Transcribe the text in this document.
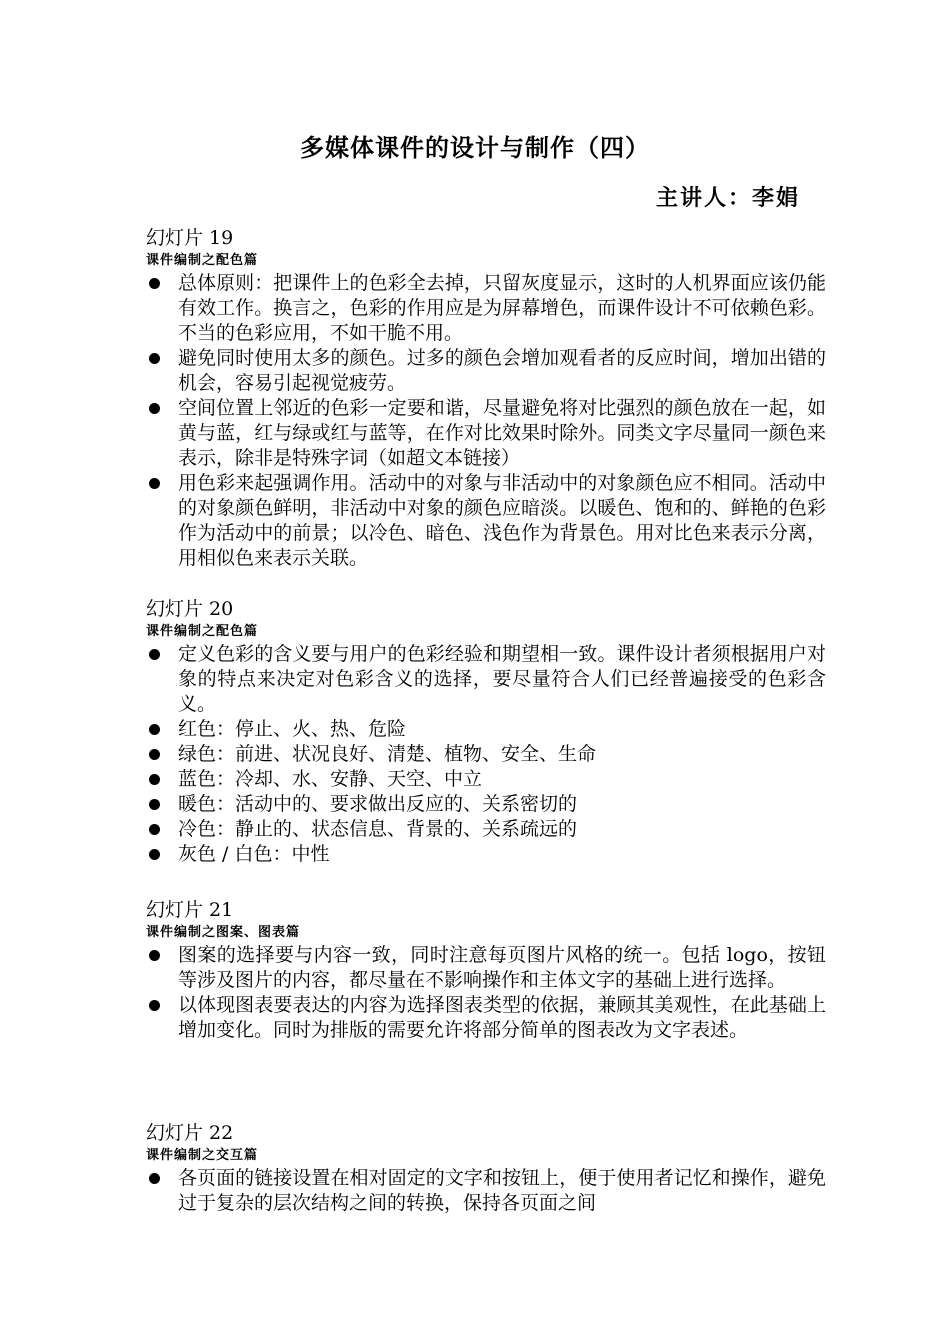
多媒体课件的设计与制作（四）
主讲人：李娟
幻灯片 19
课件编制之配色篇
总体原则：把课件上的色彩全去掉，只留灰度显示，这时的人机界面应该仍能有效工作。换言之，色彩的作用应是为屏幕增色，而课件设计不可依赖色彩。不当的色彩应用，不如干脆不用。
避免同时使用太多的颜色。过多的颜色会增加观看者的反应时间，增加出错的机会，容易引起视觉疲劳。
空间位置上邻近的色彩一定要和谐，尽量避免将对比强烈的颜色放在一起，如黄与蓝，红与绿或红与蓝等，在作对比效果时除外。同类文字尽量同一颜色来表示，除非是特殊字词（如超文本链接）
用色彩来起强调作用。活动中的对象与非活动中的对象颜色应不相同。活动中的对象颜色鲜明，非活动中对象的颜色应暗淡。以暖色、饱和的、鲜艳的色彩作为活动中的前景；以冷色、暗色、浅色作为背景色。用对比色来表示分离，用相似色来表示关联。
幻灯片 20
课件编制之配色篇
定义色彩的含义要与用户的色彩经验和期望相一致。课件设计者须根据用户对象的特点来决定对色彩含义的选择，要尽量符合人们已经普遍接受的色彩含义。
红色：停止、火、热、危险
绿色：前进、状况良好、清楚、植物、安全、生命
蓝色：冷却、水、安静、天空、中立
暖色：活动中的、要求做出反应的、关系密切的
冷色：静止的、状态信息、背景的、关系疏远的
灰色 / 白色：中性
幻灯片 21
课件编制之图案、图表篇
图案的选择要与内容一致，同时注意每页图片风格的统一。包括 logo，按钮等涉及图片的内容，都尽量在不影响操作和主体文字的基础上进行选择。
以体现图表要表达的内容为选择图表类型的依据，兼顾其美观性，在此基础上增加变化。同时为排版的需要允许将部分简单的图表改为文字表述。
幻灯片 22
课件编制之交互篇
各页面的链接设置在相对固定的文字和按钮上，便于使用者记忆和操作，避免过于复杂的层次结构之间的转换，保持各页面之间
